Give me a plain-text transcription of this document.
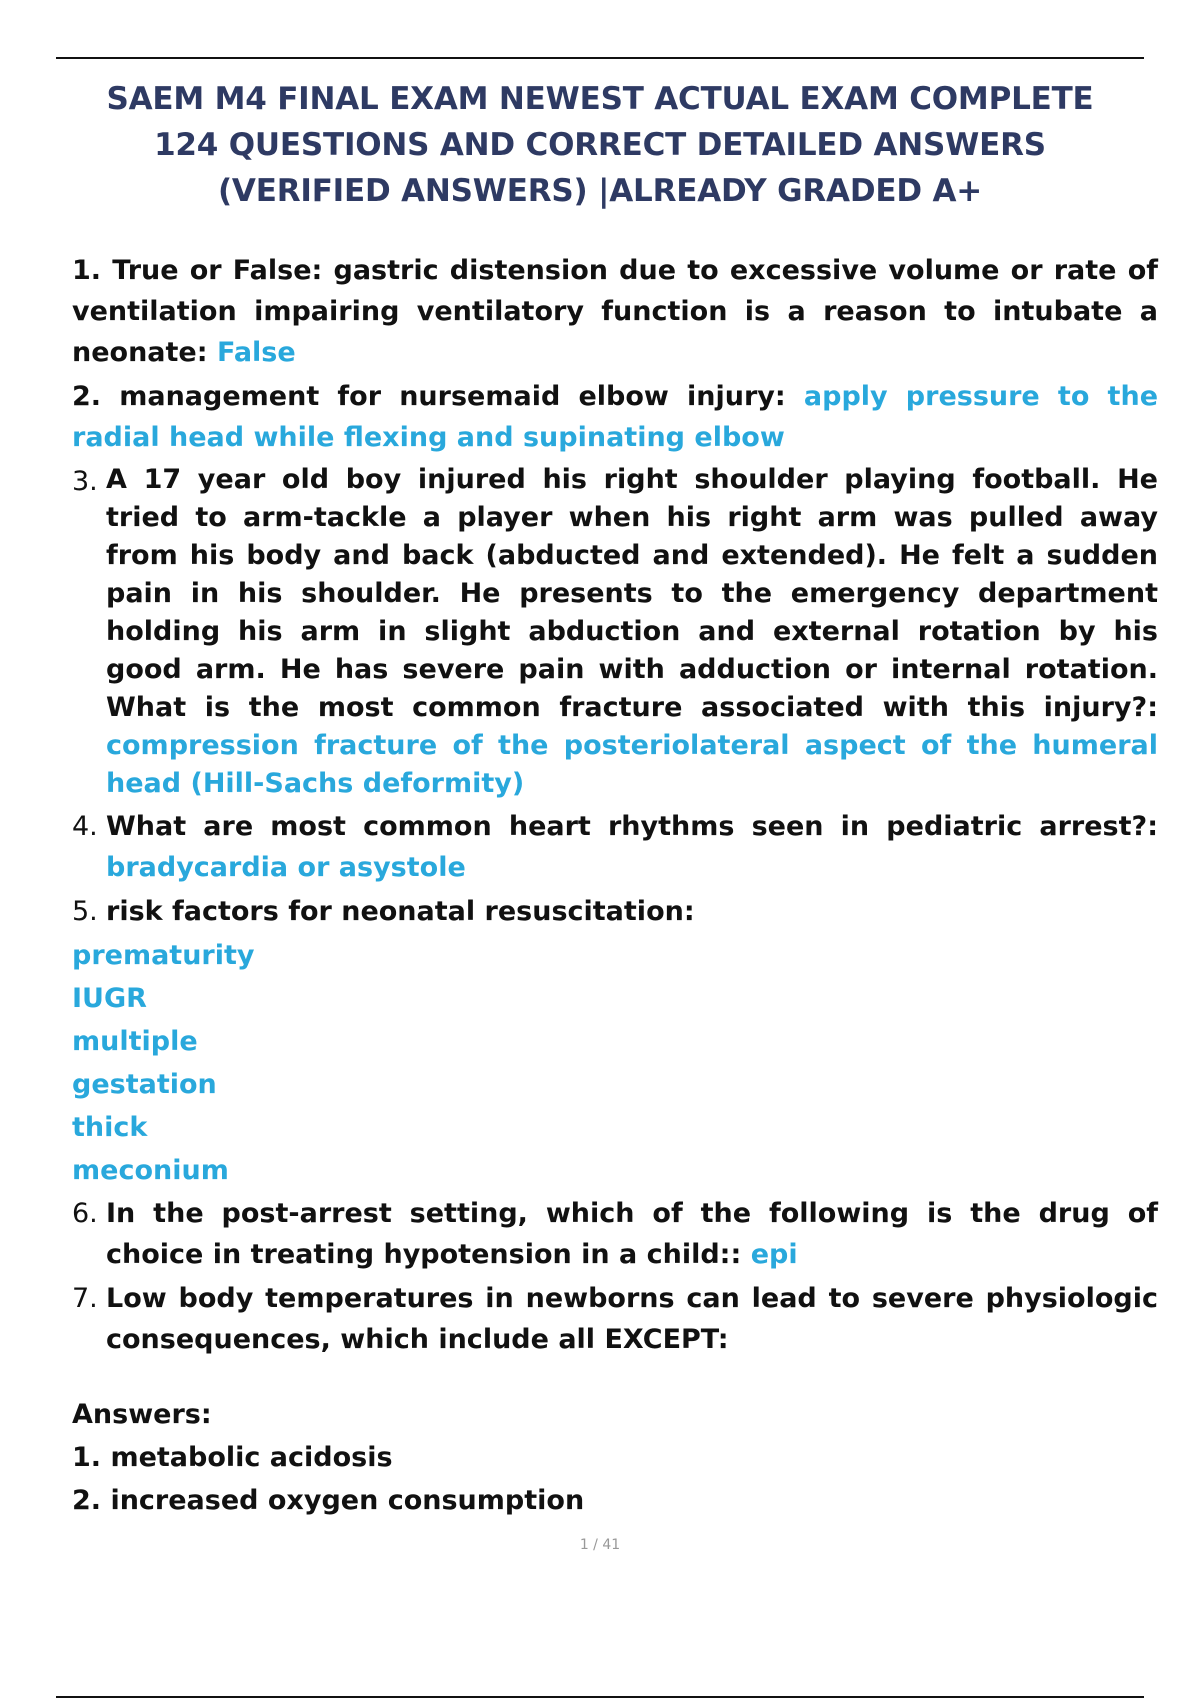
SAEM M4 FINAL EXAM NEWEST ACTUAL EXAM COMPLETE
124 QUESTIONS AND CORRECT DETAILED ANSWERS
(VERIFIED ANSWERS) |ALREADY GRADED A+

1. True or False: gastric distension due to excessive volume or rate of ventilation impairing ventilatory function is a reason to intubate a neonate: False

2. management for nursemaid elbow injury: apply pressure to the radial head while flexing and supinating elbow

3. A 17 year old boy injured his right shoulder playing football. He tried to arm-tackle a player when his right arm was pulled away from his body and back (abducted and extended). He felt a sudden pain in his shoulder. He presents to the emergency department holding his arm in slight abduction and external rotation by his good arm. He has severe pain with adduction or internal rotation. What is the most common fracture associated with this injury?: compression fracture of the posteriolateral aspect of the humeral head (Hill-Sachs deformity)
4. What are most common heart rhythms seen in pediatric arrest?: bradycardia or asystole
5. risk factors for neonatal resuscitation:
prematurity
IUGR
multiple
gestation
thick
meconium
6. In the post-arrest setting, which of the following is the drug of choice in treating hypotension in a child:: epi
7. Low body temperatures in newborns can lead to severe physiologic consequences, which include all EXCEPT:
Answers:
1. metabolic acidosis
2. increased oxygen consumption
1 / 41
